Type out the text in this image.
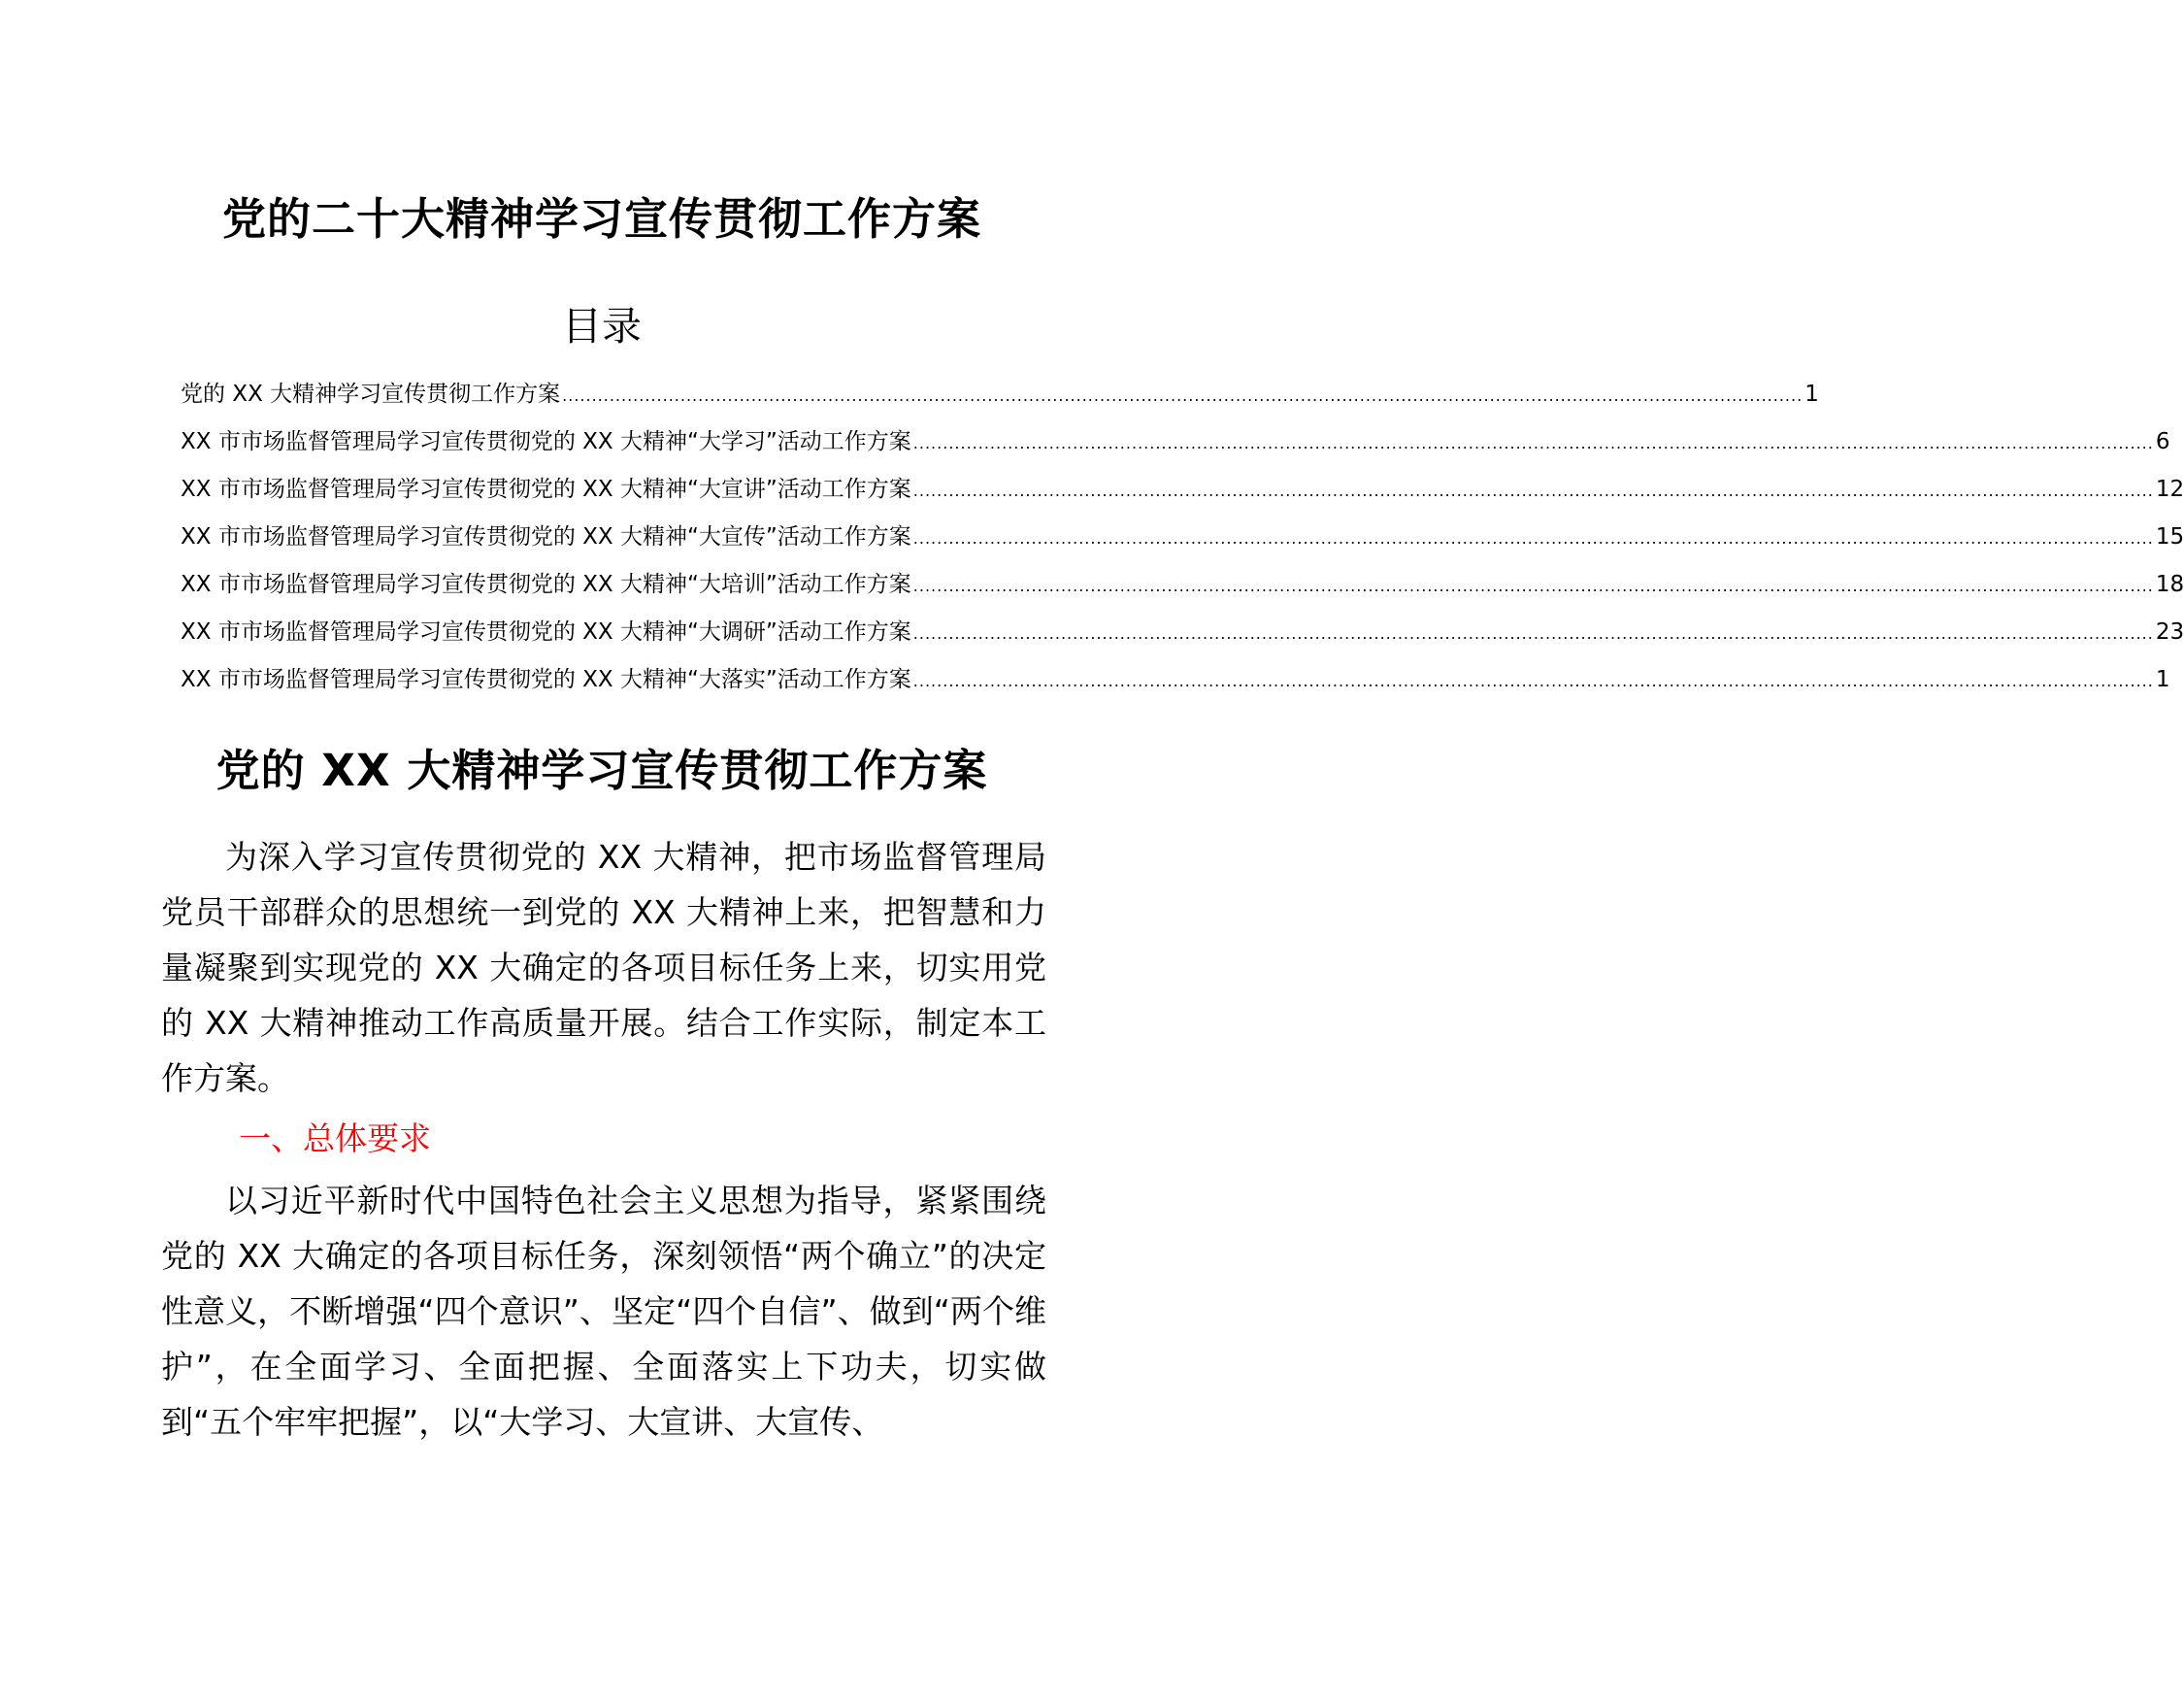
党的二十大精神学习宣传贯彻工作方案
目录
党的 XX 大精神学习宣传贯彻工作方案 .................................................................................................................................................................................................................. 1
XX 市市场监督管理局学习宣传贯彻党的 XX 大精神“大学习”活动工作方案 .................................................................................................................................................................................................................. 6
XX 市市场监督管理局学习宣传贯彻党的 XX 大精神“大宣讲”活动工作方案 .................................................................................................................................................................................................................. 12
XX 市市场监督管理局学习宣传贯彻党的 XX 大精神“大宣传”活动工作方案 .................................................................................................................................................................................................................. 15
XX 市市场监督管理局学习宣传贯彻党的 XX 大精神“大培训”活动工作方案 .................................................................................................................................................................................................................. 18
XX 市市场监督管理局学习宣传贯彻党的 XX 大精神“大调研”活动工作方案 .................................................................................................................................................................................................................. 23
XX 市市场监督管理局学习宣传贯彻党的 XX 大精神“大落实”活动工作方案 .................................................................................................................................................................................................................. 1
党的 XX 大精神学习宣传贯彻工作方案

为深入学习宣传贯彻党的 XX 大精神，把市场监督管理局党员干部群众的思想统一到党的 XX 大精神上来，把智慧和力量凝聚到实现党的 XX 大确定的各项目标任务上来，切实用党的 XX 大精神推动工作高质量开展。结合工作实际，制定本工作方案。

一、总体要求

以习近平新时代中国特色社会主义思想为指导，紧紧围绕党的 XX 大确定的各项目标任务，深刻领悟“两个确立”的决定性意义，不断增强“四个意识”、坚定“四个自信”、做到“两个维护”，在全面学习、全面把握、全面落实上下功夫，切实做到“五个牢牢把握”，以“大学习、大宣讲、大宣传、
